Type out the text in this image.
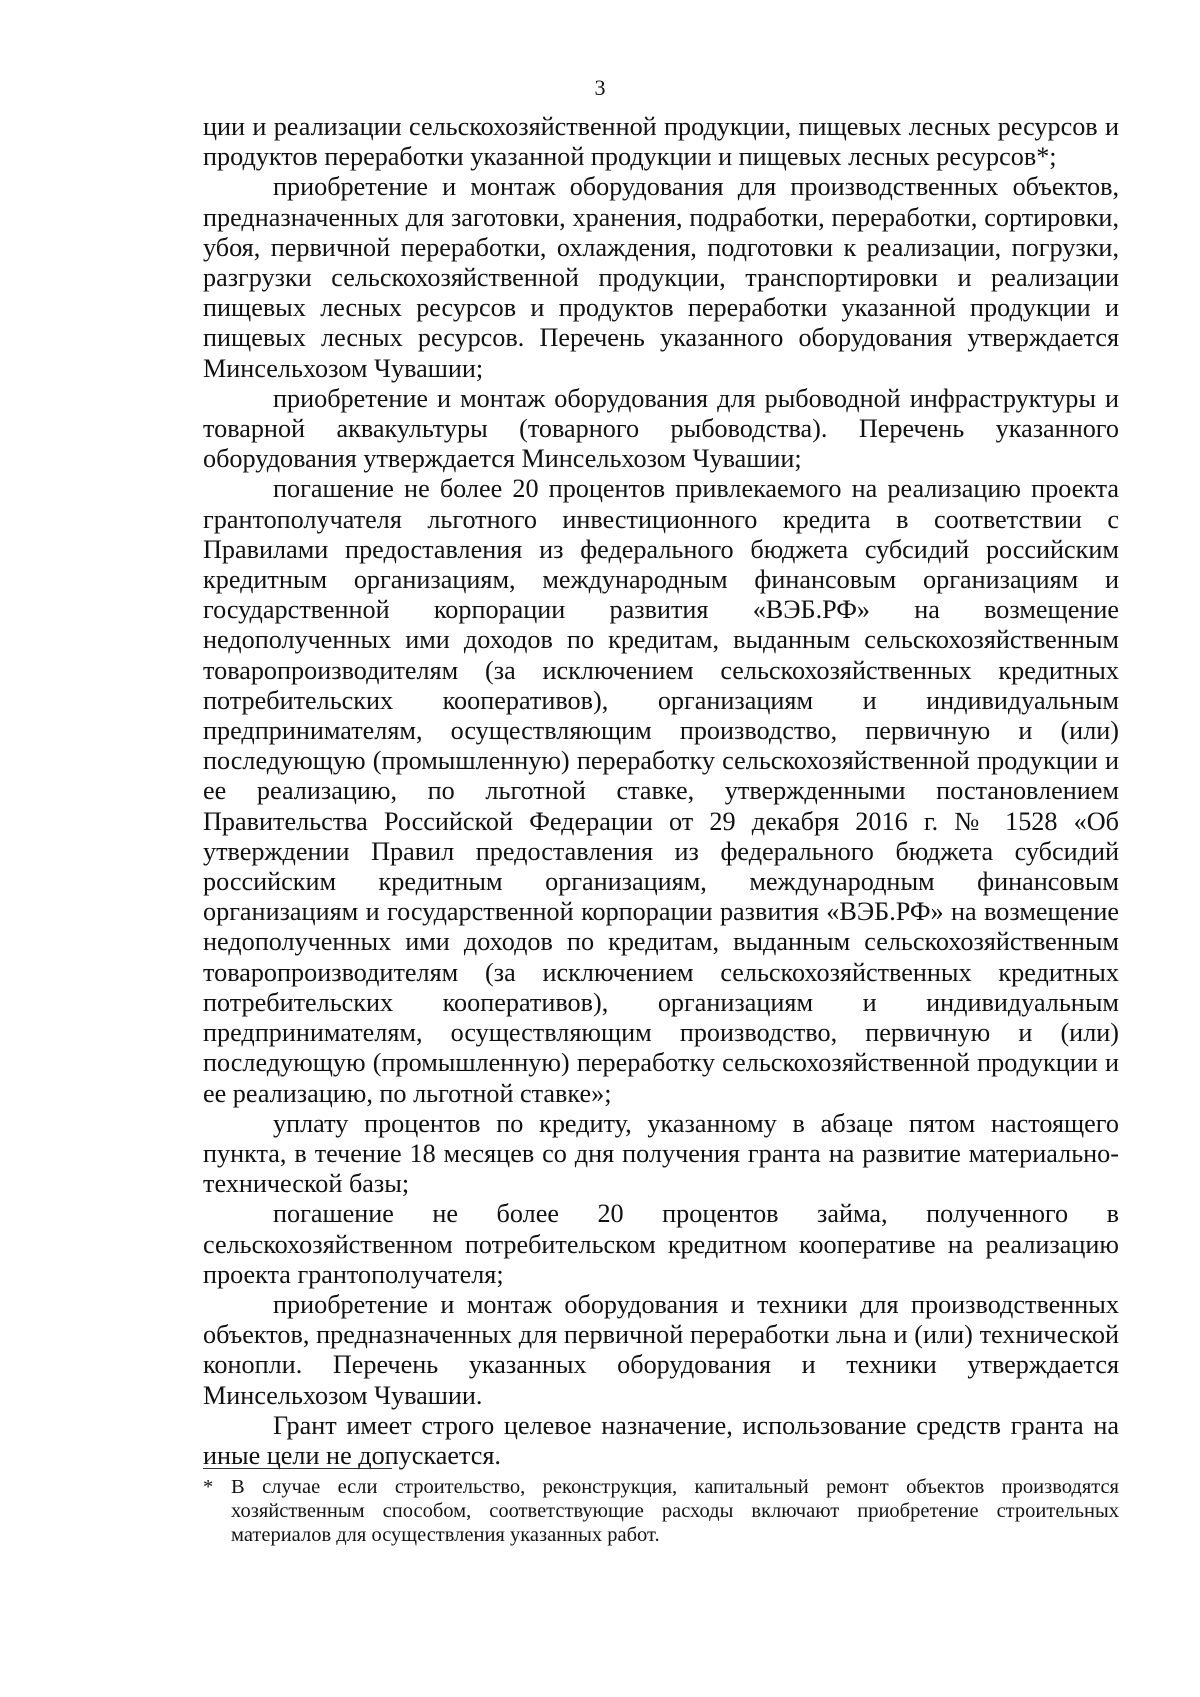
3

ции и реализации сельскохозяйственной продукции, пищевых лесных ресурсов и продуктов переработки указанной продукции и пищевых лесных ресурсов*;

приобретение и монтаж оборудования для производственных объектов, предназначенных для заготовки, хранения, подработки, переработки, сортировки, убоя, первичной переработки, охлаждения, подготовки к реализации, погрузки, разгрузки сельскохозяйственной продукции, транспортировки и реализации пищевых лесных ресурсов и продуктов переработки указанной продукции и пищевых лесных ресурсов. Перечень указанного оборудования утверждается Минсельхозом Чувашии;

приобретение и монтаж оборудования для рыбоводной инфраструктуры и товарной аквакультуры (товарного рыбоводства). Перечень указанного оборудования утверждается Минсельхозом Чувашии;

погашение не более 20 процентов привлекаемого на реализацию проекта грантополучателя льготного инвестиционного кредита в соответствии с Правилами предоставления из федерального бюджета субсидий российским кредитным организациям, международным финансовым организациям и государственной корпорации развития «ВЭБ.РФ» на возмещение недополученных ими доходов по кредитам, выданным сельскохозяйственным товаропроизводителям (за исключением сельскохозяйственных кредитных потребительских кооперативов), организациям и индивидуальным предпринимателям, осуществляющим производство, первичную и (или) последующую (промышленную) переработку сельскохозяйственной продукции и ее реализацию, по льготной ставке, утвержденными постановлением Правительства Российской Федерации от 29 декабря 2016 г. № 1528 «Об утверждении Правил предоставления из федерального бюджета субсидий российским кредитным организациям, международным финансовым организациям и государственной корпорации развития «ВЭБ.РФ» на возмещение недополученных ими доходов по кредитам, выданным сельскохозяйственным товаропроизводителям (за исключением сельскохозяйственных кредитных потребительских кооперативов), организациям и индивидуальным предпринимателям, осуществляющим производство, первичную и (или) последующую (промышленную) переработку сельскохозяйственной продукции и ее реализацию, по льготной ставке»;

уплату процентов по кредиту, указанному в абзаце пятом настоящего пункта, в течение 18 месяцев со дня получения гранта на развитие материально-технической базы;

погашение не более 20 процентов займа, полученного в сельскохозяйственном потребительском кредитном кооперативе на реализацию проекта грантополучателя;

приобретение и монтаж оборудования и техники для производственных объектов, предназначенных для первичной переработки льна и (или) технической конопли. Перечень указанных оборудования и техники утверждается Минсельхозом Чувашии.

Грант имеет строго целевое назначение, использование средств гранта на иные цели не допускается.

* В случае если строительство, реконструкция, капитальный ремонт объектов производятся хозяйственным способом, соответствующие расходы включают приобретение строительных материалов для осуществления указанных работ.
